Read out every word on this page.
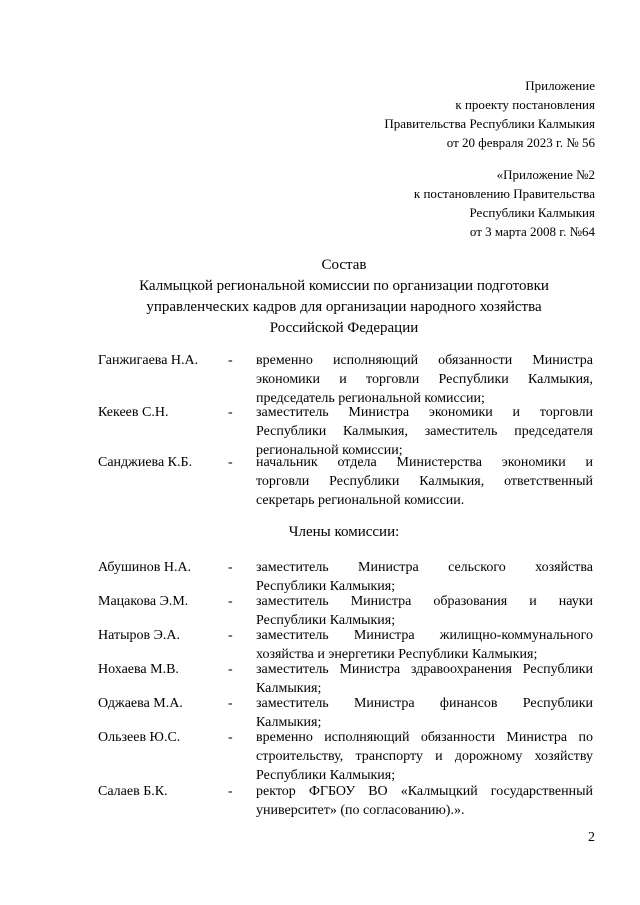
Приложение
к проекту постановления
Правительства Республики Калмыкия
от 20 февраля 2023 г. № 56
«Приложение №2
к постановлению Правительства
Республики Калмыкия
от 3 марта 2008 г. №64
Состав
Калмыцкой региональной комиссии по организации подготовки
управленческих кадров для организации народного хозяйства
Российской Федерации
Ганжигаева Н.А. - временно исполняющий обязанности Министра
экономики и торговли Республики Калмыкия,
председатель региональной комиссии;
Кекеев С.Н.	- заместитель Министра экономики и торговли
Республики Калмыкия, заместитель председателя
региональной комиссии;
Санджиева К.Б.	- начальник отдела Министерства экономики и
торговли Республики Калмыкия, ответственный
секретарь региональной комиссии.
Члены комиссии:
Абушинов Н.А.	- заместитель Министра сельского хозяйства
Республики Калмыкия;
Мацакова Э.М.	- заместитель Министра образования и науки
Республики Калмыкия;
Натыров Э.А.	- заместитель Министра жилищно-коммунального
хозяйства и энергетики Республики Калмыкия;
Нохаева М.В.	- заместитель Министра здравоохранения Республики
Калмыкия;
Оджаева М.А.	- заместитель Министра финансов Республики
Калмыкия;
Ользеев Ю.С.	- временно исполняющий обязанности Министра по
строительству, транспорту и дорожному хозяйству
Республики Калмыкия;
Салаев Б.К.	- ректор ФГБОУ ВО «Калмыцкий государственный
университет» (по согласованию).».
2
